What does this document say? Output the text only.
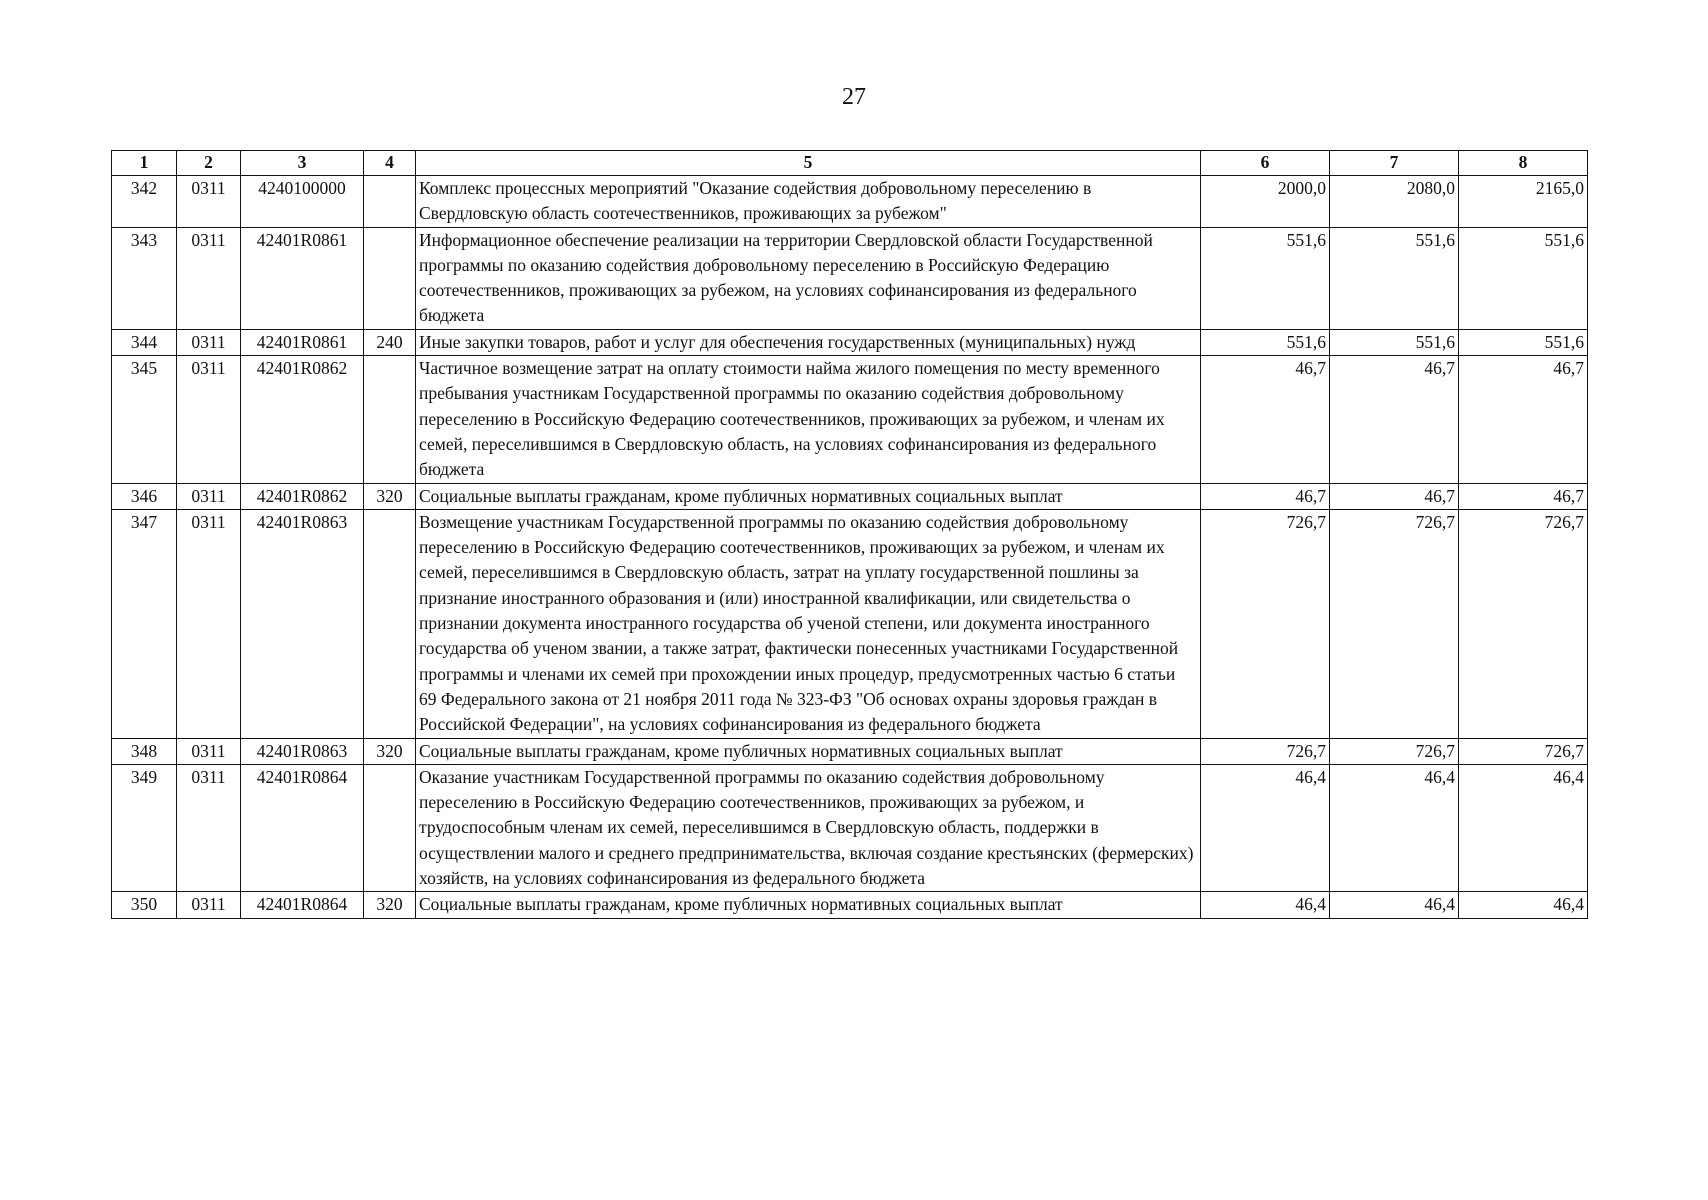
27
1	2	3	4	5	6	7	8
342	0311	4240100000		Комплекс процессных мероприятий "Оказание содействия добровольному переселению в Свердловскую область соотечественников, проживающих за рубежом"	2000,0	2080,0	2165,0
343	0311	42401R0861		Информационное обеспечение реализации на территории Свердловской области Государственной программы по оказанию содействия добровольному переселению в Российскую Федерацию соотечественников, проживающих за рубежом, на условиях софинансирования из федерального бюджета	551,6	551,6	551,6
344	0311	42401R0861	240	Иные закупки товаров, работ и услуг для обеспечения государственных (муниципальных) нужд	551,6	551,6	551,6
345	0311	42401R0862		Частичное возмещение затрат на оплату стоимости найма жилого помещения по месту временного пребывания участникам Государственной программы по оказанию содействия добровольному переселению в Российскую Федерацию соотечественников, проживающих за рубежом, и членам их семей, переселившимся в Свердловскую область, на условиях софинансирования из федерального бюджета	46,7	46,7	46,7
346	0311	42401R0862	320	Социальные выплаты гражданам, кроме публичных нормативных социальных выплат	46,7	46,7	46,7
347	0311	42401R0863		Возмещение участникам Государственной программы по оказанию содействия добровольному переселению в Российскую Федерацию соотечественников, проживающих за рубежом, и членам их семей, переселившимся в Свердловскую область, затрат на уплату государственной пошлины за признание иностранного образования и (или) иностранной квалификации, или свидетельства о признании документа иностранного государства об ученой степени, или документа иностранного государства об ученом звании, а также затрат, фактически понесенных участниками Государственной программы и членами их семей при прохождении иных процедур, предусмотренных частью 6 статьи 69 Федерального закона от 21 ноября 2011 года № 323-ФЗ "Об основах охраны здоровья граждан в Российской Федерации", на условиях софинансирования из федерального бюджета	726,7	726,7	726,7
348	0311	42401R0863	320	Социальные выплаты гражданам, кроме публичных нормативных социальных выплат	726,7	726,7	726,7
349	0311	42401R0864		Оказание участникам Государственной программы по оказанию содействия добровольному переселению в Российскую Федерацию соотечественников, проживающих за рубежом, и трудоспособным членам их семей, переселившимся в Свердловскую область, поддержки в осуществлении малого и среднего предпринимательства, включая создание крестьянских (фермерских) хозяйств, на условиях софинансирования из федерального бюджета	46,4	46,4	46,4
350	0311	42401R0864	320	Социальные выплаты гражданам, кроме публичных нормативных социальных выплат	46,4	46,4	46,4
